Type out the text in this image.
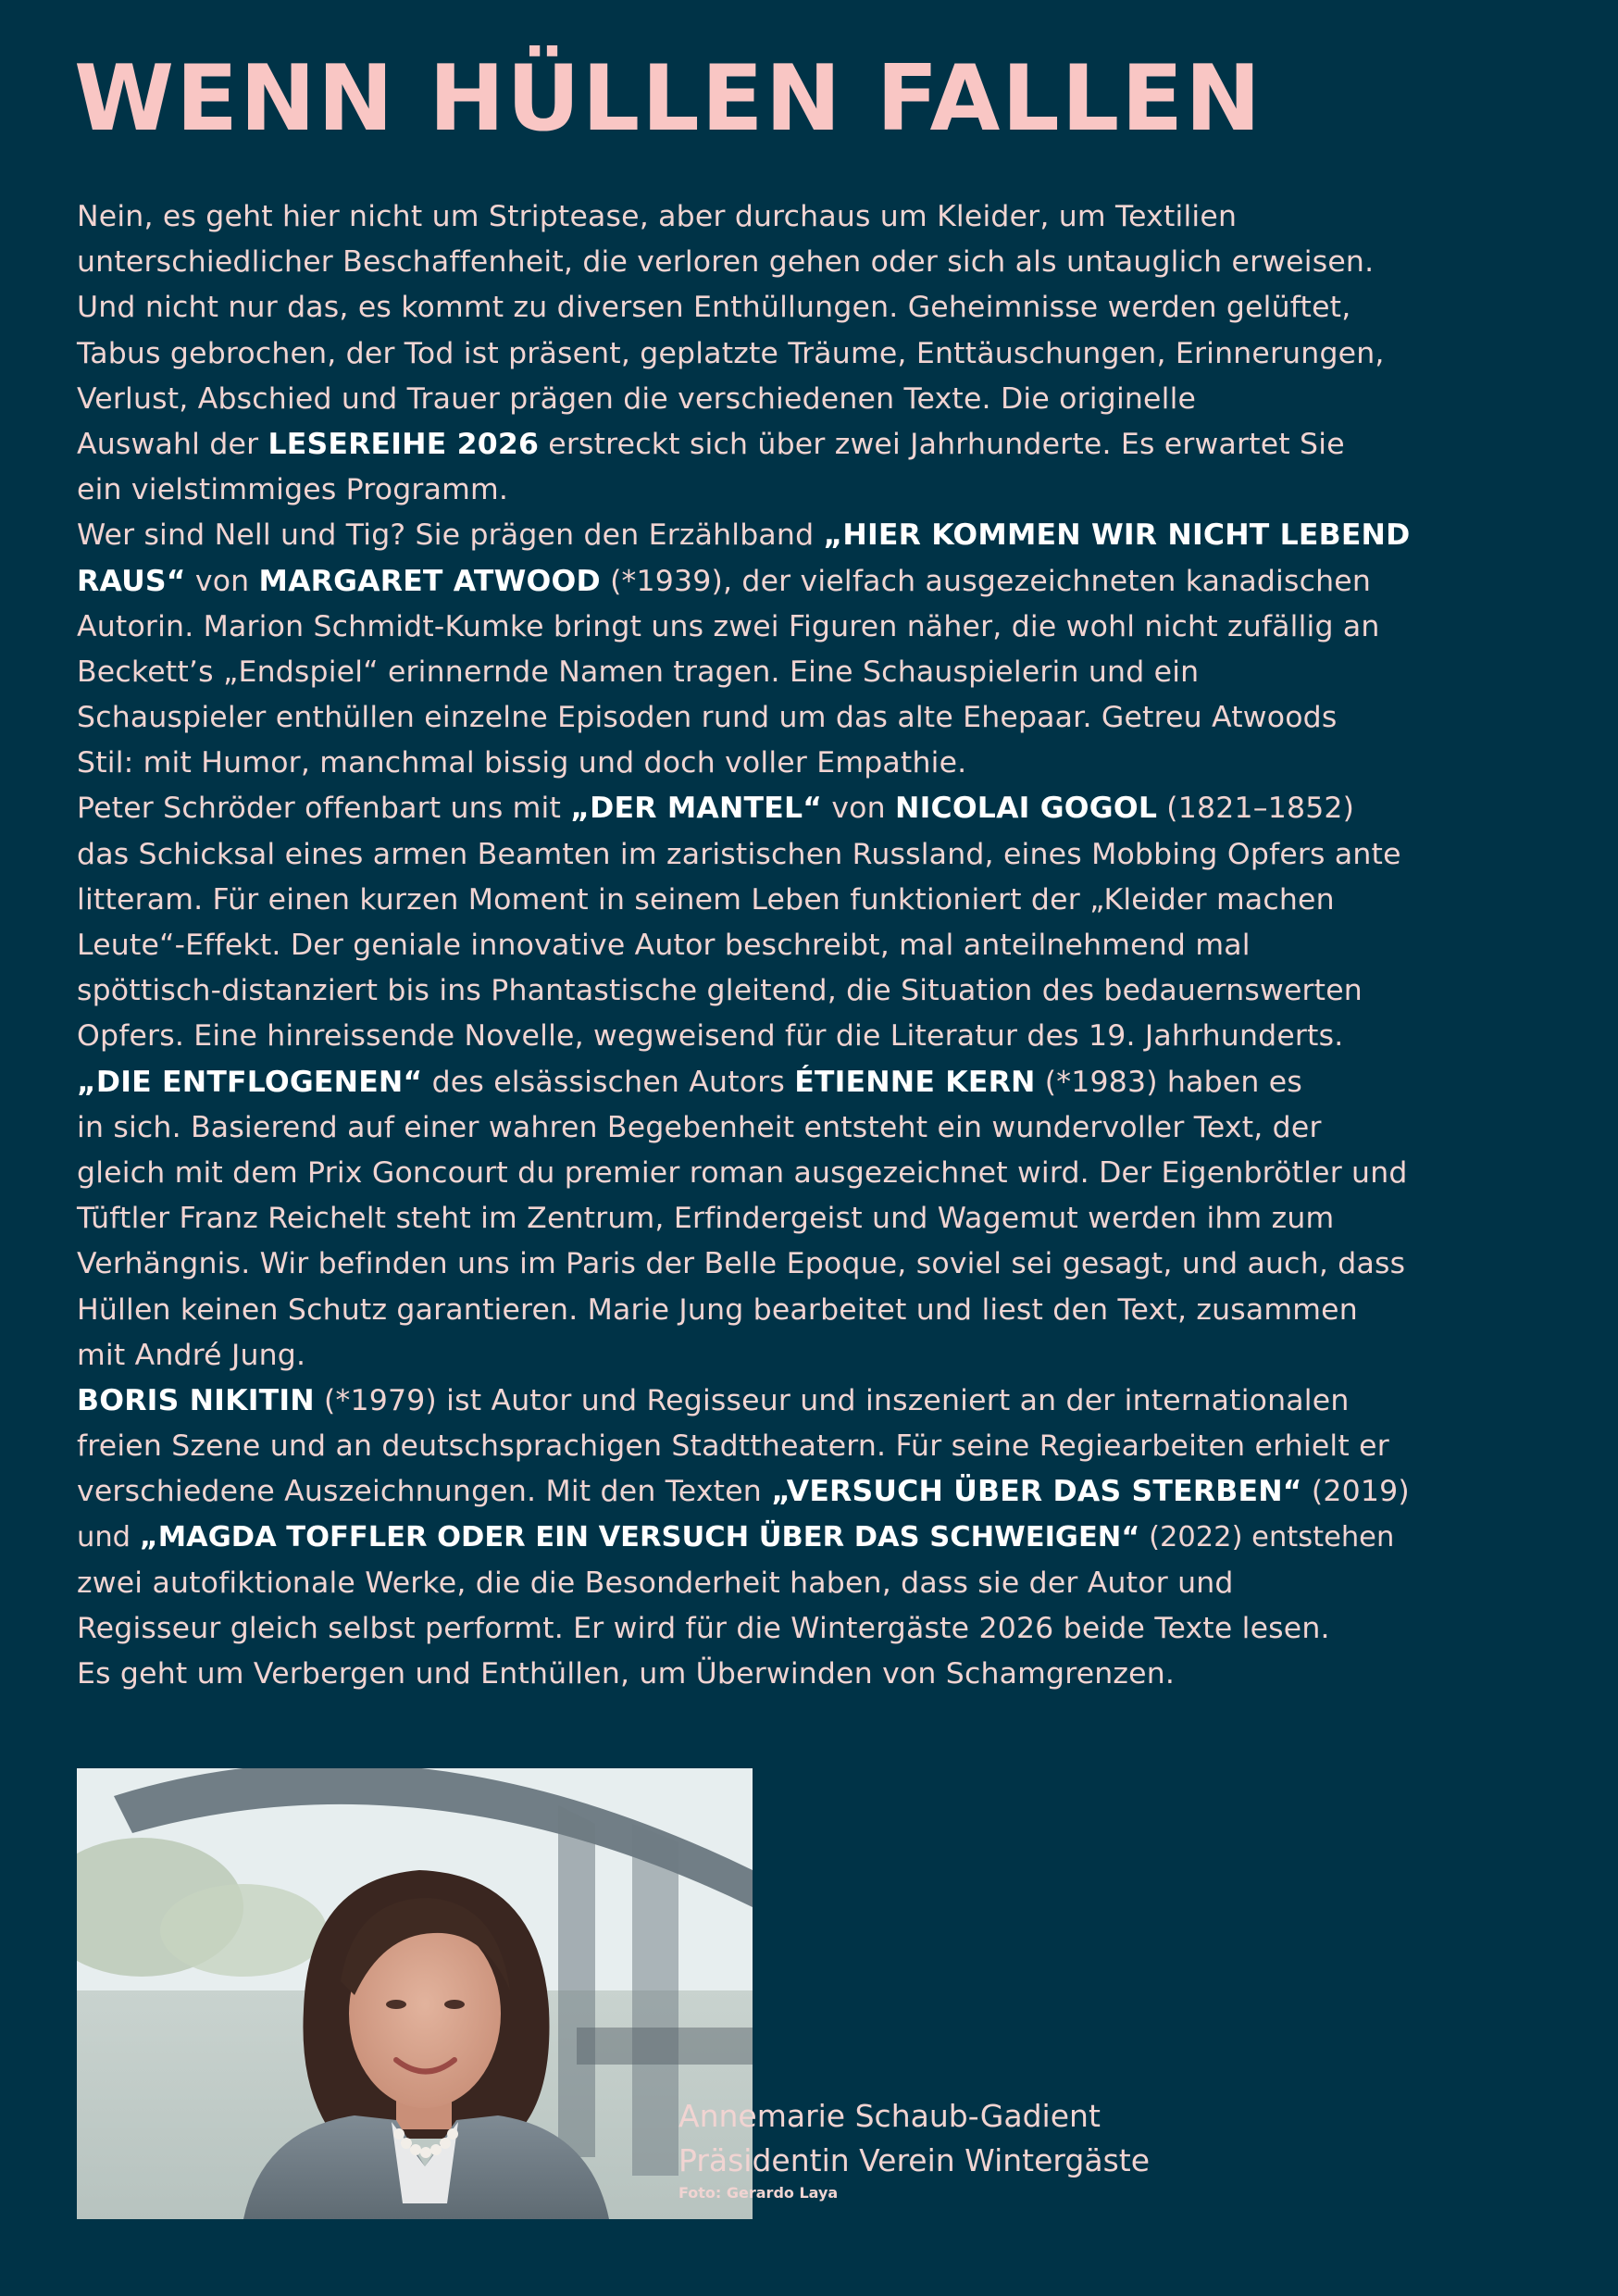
WENN HÜLLEN FALLEN
Nein, es geht hier nicht um Striptease, aber durchaus um Kleider, um Textilien
unterschiedlicher Beschaffenheit, die verloren gehen oder sich als untauglich erweisen.
Und nicht nur das, es kommt zu diversen Enthüllungen. Geheimnisse werden gelüftet,
Tabus gebrochen, der Tod ist präsent, geplatzte Träume, Enttäuschungen, Erinnerungen,
Verlust, Abschied und Trauer prägen die verschiedenen Texte. Die originelle
Auswahl der LESEREIHE 2026 erstreckt sich über zwei Jahrhunderte. Es erwartet Sie
ein vielstimmiges Programm.
Wer sind Nell und Tig? Sie prägen den Erzählband „HIER KOMMEN WIR NICHT LEBEND
RAUS“ von MARGARET ATWOOD (*1939), der vielfach ausgezeichneten kanadischen
Autorin. Marion Schmidt-Kumke bringt uns zwei Figuren näher, die wohl nicht zufällig an
Beckett’s „Endspiel“ erinnernde Namen tragen. Eine Schauspielerin und ein
Schauspieler enthüllen einzelne Episoden rund um das alte Ehepaar. Getreu Atwoods
Stil: mit Humor, manchmal bissig und doch voller Empathie.
Peter Schröder offenbart uns mit „DER MANTEL“ von NICOLAI GOGOL (1821–1852)
das Schicksal eines armen Beamten im zaristischen Russland, eines Mobbing Opfers ante
litteram. Für einen kurzen Moment in seinem Leben funktioniert der „Kleider machen
Leute“-Effekt. Der geniale innovative Autor beschreibt, mal anteilnehmend mal
spöttisch-distanziert bis ins Phantastische gleitend, die Situation des bedauernswerten
Opfers. Eine hinreissende Novelle, wegweisend für die Literatur des 19. Jahrhunderts.
„DIE ENTFLOGENEN“ des elsässischen Autors ÉTIENNE KERN (*1983) haben es
in sich. Basierend auf einer wahren Begebenheit entsteht ein wundervoller Text, der
gleich mit dem Prix Goncourt du premier roman ausgezeichnet wird. Der Eigenbrötler und
Tüftler Franz Reichelt steht im Zentrum, Erfindergeist und Wagemut werden ihm zum
Verhängnis. Wir befinden uns im Paris der Belle Epoque, soviel sei gesagt, und auch, dass
Hüllen keinen Schutz garantieren. Marie Jung bearbeitet und liest den Text, zusammen
mit André Jung.
BORIS NIKITIN (*1979) ist Autor und Regisseur und inszeniert an der internationalen
freien Szene und an deutschsprachigen Stadttheatern. Für seine Regiearbeiten erhielt er
verschiedene Auszeichnungen. Mit den Texten „VERSUCH ÜBER DAS STERBEN“ (2019)
und „MAGDA TOFFLER ODER EIN VERSUCH ÜBER DAS SCHWEIGEN“ (2022) entstehen
zwei autofiktionale Werke, die die Besonderheit haben, dass sie der Autor und
Regisseur gleich selbst performt. Er wird für die Wintergäste 2026 beide Texte lesen.
Es geht um Verbergen und Enthüllen, um Überwinden von Schamgrenzen.
Annemarie Schaub-Gadient
Präsidentin Verein Wintergäste
Foto: Gerardo Laya
